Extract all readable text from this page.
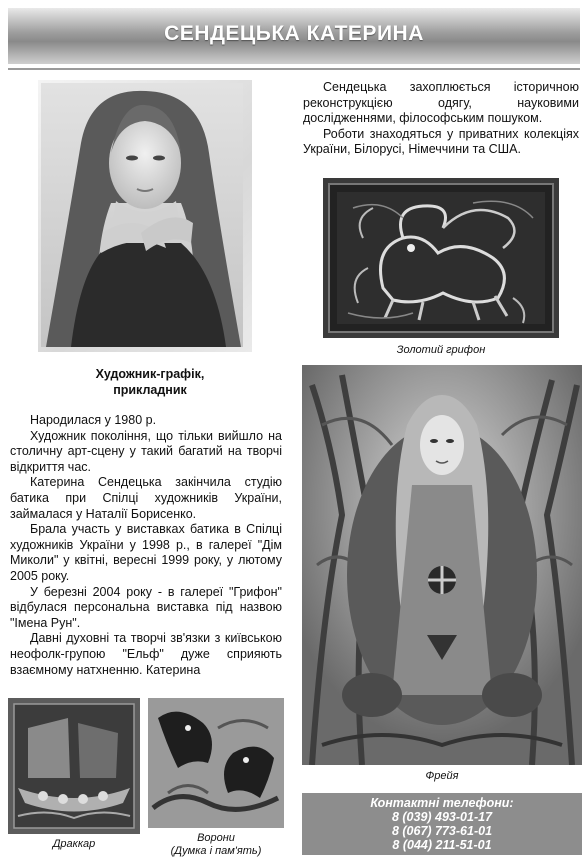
СЕНДЕЦЬКА КАТЕРИНА
Художник-графік,
прикладник

Народилася у 1980 р.

Художник покоління, що тільки вийшло на столичну арт-сцену у такий багатий на творчі відкриття час.

Катерина Сендецька закінчила студію батика при Спілці художників України, займалася у Наталії Борисенко.

Брала участь у виставках батика в Спілці художників України у 1998 р., в галереї "Дім Миколи" у квітні, вересні 1999 року, у лютому 2005 року.

У березні 2004 року - в галереї "Грифон" відбулася персональна виставка під назвою "Імена Рун".

Давні духовні та творчі зв'язки з київською неофолк-групою "Ельф" дуже сприяють взаємному натхненню. Катерина

Сендецька захоплюється історичною реконструкцією одягу, науковими дослідженнями, філософським пошуком.

Роботи знаходяться у приватних колекціях України, Білорусі, Німеччини та США.

Золотий грифон
Фрейя
Драккар	Ворони
(Думка і пам'ять)
Контактні телефони:
8 (039) 493-01-17
8 (067) 773-61-01
8 (044) 211-51-01
